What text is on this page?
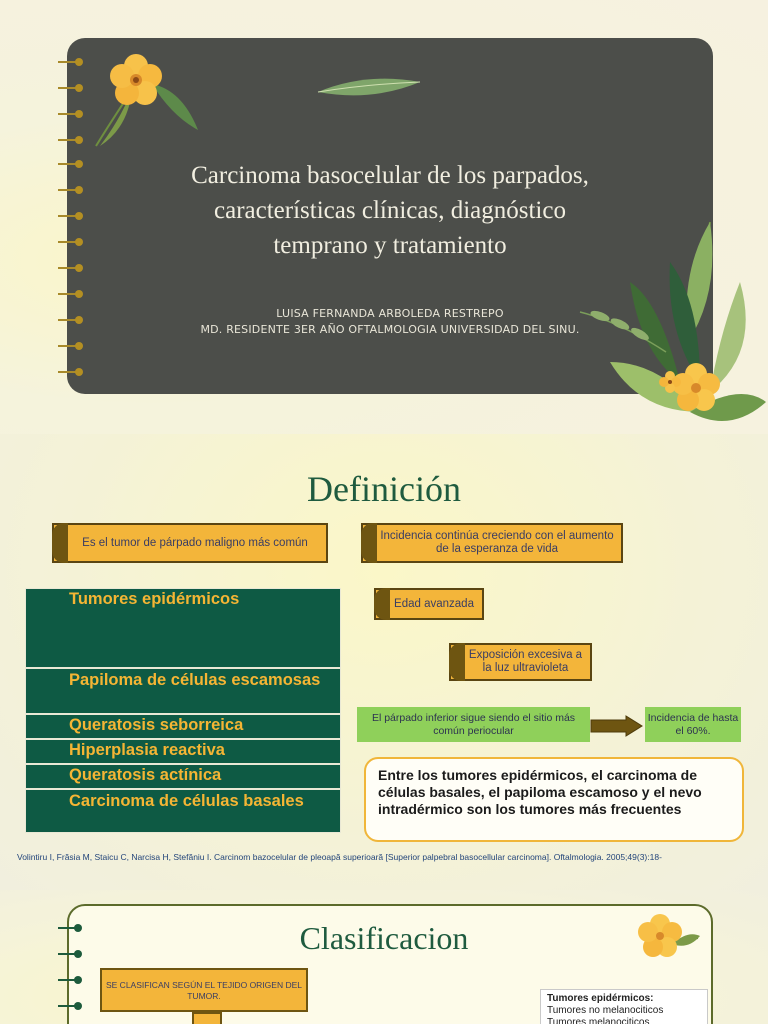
Carcinoma basocelular de los parpados,
características clínicas, diagnóstico
temprano y tratamiento
LUISA FERNANDA ARBOLEDA RESTREPO
MD. RESIDENTE 3ER AÑO OFTALMOLOGIA UNIVERSIDAD DEL SINU.
Definición
Es el tumor de párpado maligno más común
Incidencia continúa creciendo con el aumento de la esperanza de vida
Edad avanzada
Exposición excesiva a la luz ultravioleta
Tumores epidérmicos
Papiloma de células escamosas
Queratosis seborreica
Hiperplasia reactiva
Queratosis actínica
Carcinoma de células basales
El párpado inferior sigue siendo el sitio más común periocular
Incidencia de hasta el 60%.
Entre los tumores epidérmicos, el carcinoma de células basales, el papiloma escamoso y el nevo intradérmico son los tumores más frecuentes
Volintiru I, Frăsia M, Staicu C, Narcisa H, Stefăniu I. Carcinom bazocelular de pleoapă superioară [Superior palpebral basocellular carcinoma]. Oftalmologia. 2005;49(3):18-
Clasificacion
SE CLASIFICAN SEGÚN EL TEJIDO ORIGEN DEL TUMOR.	Tumores epidérmicos:
Tumores no melanociticos
Tumores melanociticos
